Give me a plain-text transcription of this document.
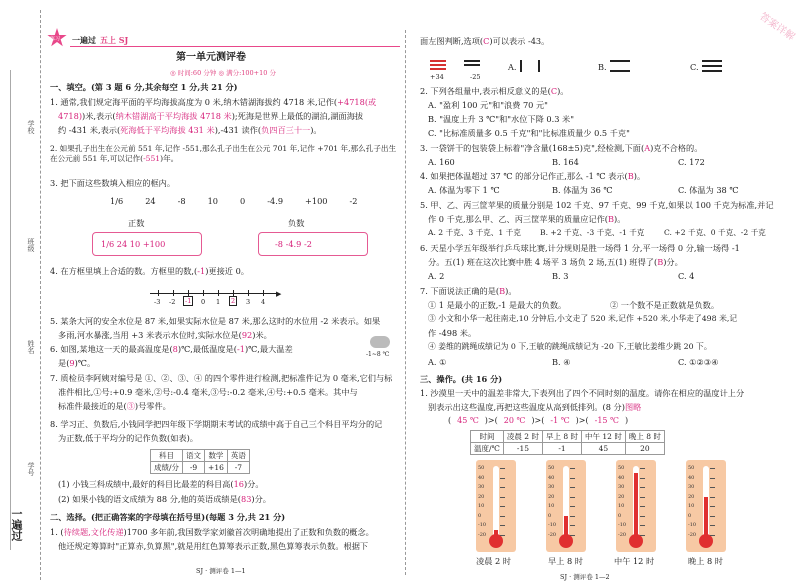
学校
班级
姓名
学号
一遍过
练习 一遍过 五上 SJ	答案详解
第一单元测评卷
◎ 时间:60 分钟 ◎ 满分:100+10 分
一、填空。(第 3 题 6 分,其余每空 1 分,共 21 分)
1. 通常,我们规定海平面的平均海拔高度为 0 米,纳木错湖海拔约 4718 米,记作(+4718(或
4718))米,表示(纳木错湖高于平均海拔 4718 米);死海是世界上最低的湖泊,湖面海拔
约 -431 米,表示(死海低于平均海拔 431 米),-431 读作(负四百三十一)。
2. 如果孔子出生在公元前 551 年,记作 -551,那么孔子出生在公元 701 年,记作 +701 年,那么孔子出生在公元前 551 年,可以记作(-551)年。
3. 把下面这些数填入相应的框内。
1/6	24	-8	10	0	-4.9	+100	-2
正数	负数
1/6 24 10 +100	-8 -4.9 -2
4. 在方框里填上合适的数。方框里的数,(-1)更接近 0。
▶
-3 -2	-1	0 1	2	3 4
5. 某条大河的安全水位是 87 米,如果实际水位是 87 米,那么这时的水位用 -2 米表示。如果
多雨,河水暴涨,当用 +3 米表示水位时,实际水位是(92)米。
6. 如图,某地这一天的最高温度是(8)℃,最低温度是(-1)℃,最大温差
是(9)℃。
-1~8 ℃
7. 质检员李阿姨对编号是 ①、②、③、④ 的四个零件进行检测,把标准件记为 0 毫米,它们与标
准件相比,①号:+0.9 毫米,②号:-0.4 毫米,③号:-0.2 毫米,④号:+0.5 毫米。其中与
标准件最接近的是(③)号零件。
8. 学习正、负数后,小钱同学把四年级下学期期末考试的成绩中高于自己三个科目平均分的记
为正数,低于平均分的记作负数(如表)。
科目	语文	数学	英语
成绩/分	-9	+16	-7
(1) 小钱三科成绩中,最好的科目比最差的科目高(16)分。
(2) 如果小钱的语文成绩为 88 分,他的英语成绩是(83)分。
二、选择。(把正确答案的字母填在括号里)(每题 3 分,共 21 分)
1. (待续题,文化传递)1700 多年前,我国数学家刘徽首次明确地提出了正数和负数的概念。
他还规定筹算时"正算赤,负算黑",就是用红色算筹表示正数,黑色算筹表示负数。根据下
SJ · 测评卷 1—1
面左图判断,选项(C)可以表示 -43。
+34	-25
A.	B.	C.
2. 下列各组量中,表示相反意义的是(C)。
A. "盈利 100 元"和"浪费 70 元"
B. "温度上升 3 ℃"和"水位下降 0.3 米"
C. "比标准质量多 0.5 千克"和"比标准质量少 0.5 千克"
3. 一袋饼干的包装袋上标着"净含量(168±5)克",经检测,下面(A)克不合格的。
A. 160	B. 164	C. 172
4. 如果把体温超过 37 ℃ 的部分记作正,那么 -1 ℃ 表示(B)。
A. 体温为零下 1 ℃	B. 体温为 36 ℃	C. 体温为 38 ℃
5. 甲、乙、丙三筐苹果的质量分别是 102 千克、97 千克、99 千克,如果以 100 千克为标准,并记
作 0 千克,那么甲、乙、丙三筐苹果的质量应记作(B)。
A. 2 千克、3 千克、1 千克	B. +2 千克、-3 千克、-1 千克	C. +2 千克、0 千克、-2 千克
6. 天星小学五年级举行乒乓球比赛,计分规则是胜一场得 1 分,平一场得 0 分,输一场得 -1
分。五(1) 班在这次比赛中胜 4 场平 3 场负 2 场,五(1) 班得了(B)分。
A. 2	B. 3	C. 4
7. 下面说法正确的是(B)。
① 1 是最小的正数,-1 是最大的负数。	② 一个数不是正数就是负数。
③ 小文和小华一起往南走,10 分钟后,小文走了 520 米,记作 +520 米,小华走了498 米,记
作 -498 米。
④ 姜维的跳绳成绩记为 0 下,王敏的跳绳成绩记为 -20 下,王敏比姜维少跳 20 下。
A. ①	B. ④	C. ①②③④
三、操作。(共 16 分)
1. 沙漠里一天中的温差非常大,下表列出了四个不同时刻的温度。请你在相应的温度计上分
别表示出这些温度,再把这些温度从高到低排列。(8 分)图略
( 45 ℃ )>( 20 ℃ )>( -1 ℃ )>( -15 ℃ )
时间	凌晨 2 时	早上 8 时	中午 12 时	晚上 8 时
温度/℃	-15	-1	45	20
50
40
30
20
10
0
-10
-20
50
40
30
20
10
0
-10
-20
50
40
30
20
10
0
-10
-20
50
40
30
20
10
0
-10
-20
凌晨 2 时	早上 8 时	中午 12 时	晚上 8 时
SJ · 测评卷 1—2
